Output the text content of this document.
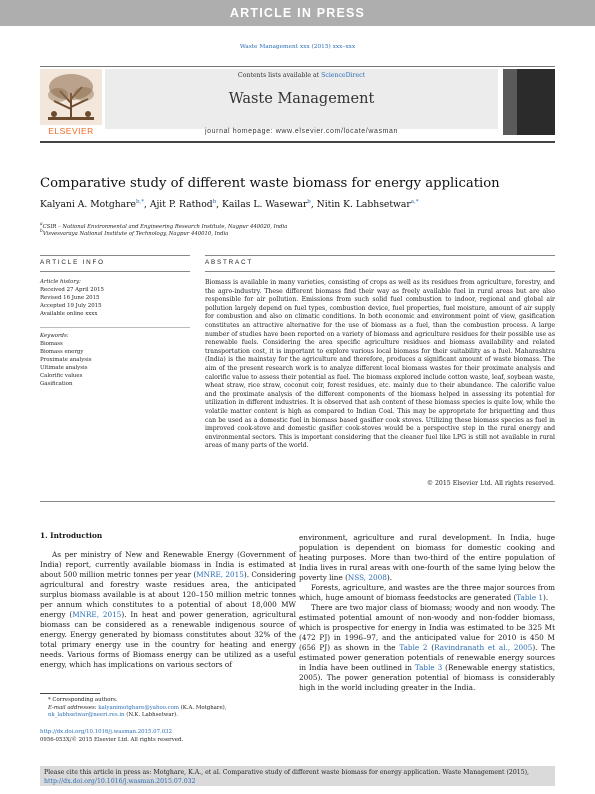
ARTICLE IN PRESS
Waste Management xxx (2015) xxx–xxx
ELSEVIER
Contents lists available at ScienceDirect
Waste Management
journal homepage: www.elsevier.com/locate/wasman
Comparative study of different waste biomass for energy application
Kalyani A. Motghare$^{b,*}$, Ajit P. Rathod$^b$, Kailas L. Wasewar$^b$, Nitin K. Labhsetwar$^{a,*}$
$^a$CSIR – National Environmental and Engineering Research Institute, Nagpur 440020, India
$^b$Visvesvaraya National Institute of Technology, Nagpur 440010, India
ARTICLE INFO	ABSTRACT
Article history:
Received 27 April 2015
Revised 16 June 2015
Accepted 19 July 2015
Available online xxxx
Keywords:
Biomass
Biomass energy
Proximate analysis
Ultimate analysis
Calorific values
Gasification
Biomass is available in many varieties, consisting of crops as well as its residues from agriculture, forestry, and the agro-industry. These different biomass find their way as freely available fuel in rural areas but are also responsible for air pollution. Emissions from such solid fuel combustion to indoor, regional and global air pollution largely depend on fuel types, combustion device, fuel properties, fuel moisture, amount of air supply for combustion and also on climatic conditions. In both economic and environment point of view, gasification constitutes an attractive alternative for the use of biomass as a fuel, than the combustion process. A large number of studies have been reported on a variety of biomass and agriculture residues for their possible use as renewable fuels. Considering the area specific agriculture residues and biomass availability and related transportation cost, it is important to explore various local biomass for their suitability as a fuel. Maharashtra (India) is the mainstay for the agriculture and therefore, produces a significant amount of waste biomass. The aim of the present research work is to analyze different local biomass wastes for their proximate analysis and calorific value to assess their potential as fuel. The biomass explored include cotton waste, leaf, soybean waste, wheat straw, rice straw, coconut coir, forest residues, etc. mainly due to their abundance. The calorific value and the proximate analysis of the different components of the biomass helped in assessing its potential for utilization in different industries. It is observed that ash content of these biomass species is quite low, while the volatile matter content is high as compared to Indian Coal. This may be appropriate for briquetting and thus can be used as a domestic fuel in biomass based gasifier cook stoves. Utilizing these biomass species as fuel in improved cook-stove and domestic gasifier cook-stoves would be a perspective step in the rural energy and environmental sectors. This is important considering that the cleaner fuel like LPG is still not available in rural areas of many parts of the world.
© 2015 Elsevier Ltd. All rights reserved.
1. Introduction

As per ministry of New and Renewable Energy (Government of India) report, currently available biomass in India is estimated at about 500 million metric tonnes per year (MNRE, 2015). Considering agricultural and forestry waste residues area, the anticipated surplus biomass available is at about 120–150 million metric tonnes per annum which constitutes to a potential of about 18,000 MW energy (MNRE, 2015). In heat and power generation, agricultural biomass can be considered as a renewable indigenous source of energy. Energy generated by biomass constitutes about 32% of the total primary energy use in the country for heating and energy needs. Various forms of Biomass energy can be utilized as a useful energy, which has implications on various sectors of

environment, agriculture and rural development. In India, huge population is dependent on biomass for domestic cooking and heating purposes. More than two-third of the entire population of India lives in rural areas with one-fourth of the same lying below the poverty line (NSS, 2008).

Forests, agriculture, and wastes are the three major sources from which, huge amount of biomass feedstocks are generated (Table 1).

There are two major class of biomass; woody and non woody. The estimated potential amount of non-woody and non-fodder biomass, which is prospective for energy in India was estimated to be 325 Mt (472 PJ) in 1996–97, and the anticipated value for 2010 is 450 M (656 PJ) as shown in the Table 2 (Ravindranath et al., 2005). The estimated power generation potentials of renewable energy sources in India have been outlined in Table 3 (Renewable energy statistics, 2005). The power generation potential of biomass is considerably high in the world including greater in the India.

* Corresponding authors.
E-mail addresses: kalyanimotghare@yahoo.com (K.A. Motghare), nk_labhsetwar@neeri.res.in (N.K. Labhsetwar).
http://dx.doi.org/10.1016/j.wasman.2015.07.032
0956-053X/© 2015 Elsevier Ltd. All rights reserved.
Please cite this article in press as: Motghare, K.A., et al. Comparative study of different waste biomass for energy application. Waste Management (2015), http://dx.doi.org/10.1016/j.wasman.2015.07.032
